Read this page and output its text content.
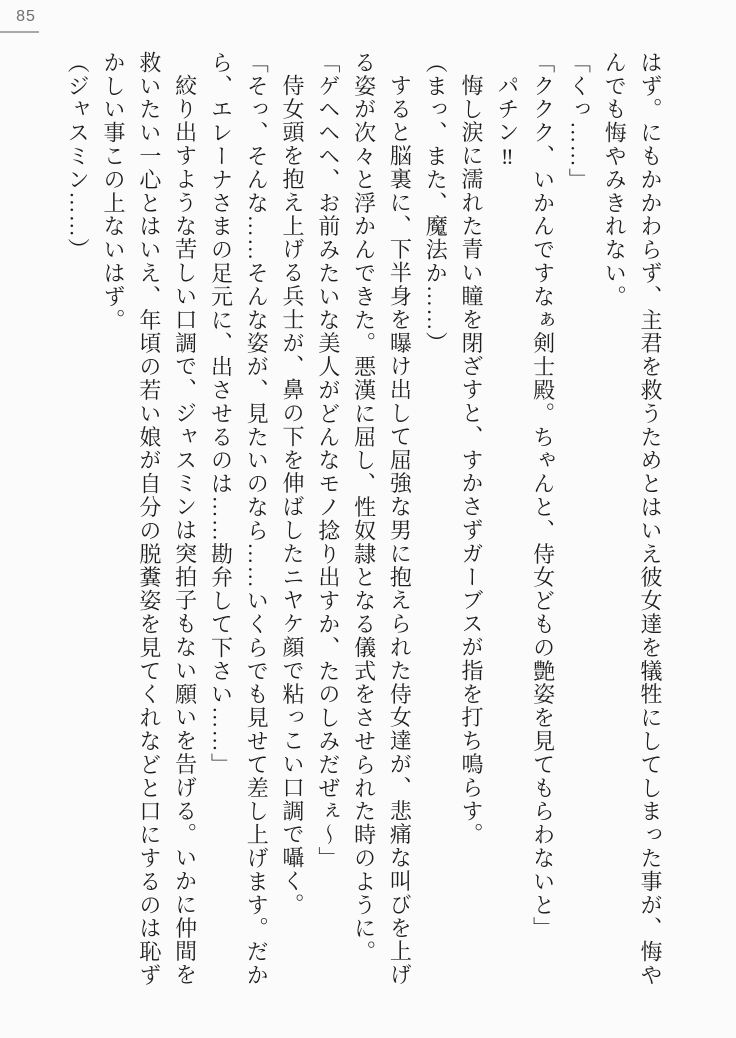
85

はず。にもかかわらず、主君を救うためとはいえ彼女達を犠牲にしてしまった事が、悔やんでも悔やみきれない。

「くっ……」

「ククク、いかんですなぁ剣士殿。ちゃんと、侍女どもの艶姿を見てもらわないと」

パチン‼

悔し涙に濡れた青い瞳を閉ざすと、すかさずガーブスが指を打ち鳴らす。

（まっ、また、魔法か……）

すると脳裏に、下半身を曝け出して屈強な男に抱えられた侍女達が、悲痛な叫びを上げる姿が次々と浮かんできた。悪漢に屈し、性奴隷となる儀式をさせられた時のように。

「ゲヘヘヘ、お前みたいな美人がどんなモノ捻り出すか、たのしみだぜぇ〜」

侍女頭を抱え上げる兵士が、鼻の下を伸ばしたニヤケ顔で粘っこい口調で囁く。

「そっ、そんな……そんな姿が、見たいのなら……いくらでも見せて差し上げます。だから、エレーナさまの足元に、出させるのは……勘弁して下さい……」

絞り出すような苦しい口調で、ジャスミンは突拍子もない願いを告げる。いかに仲間を救いたい一心とはいえ、年頃の若い娘が自分の脱糞姿を見てくれなどと口にするのは恥ずかしい事この上ないはず。

（ジャスミン……）
